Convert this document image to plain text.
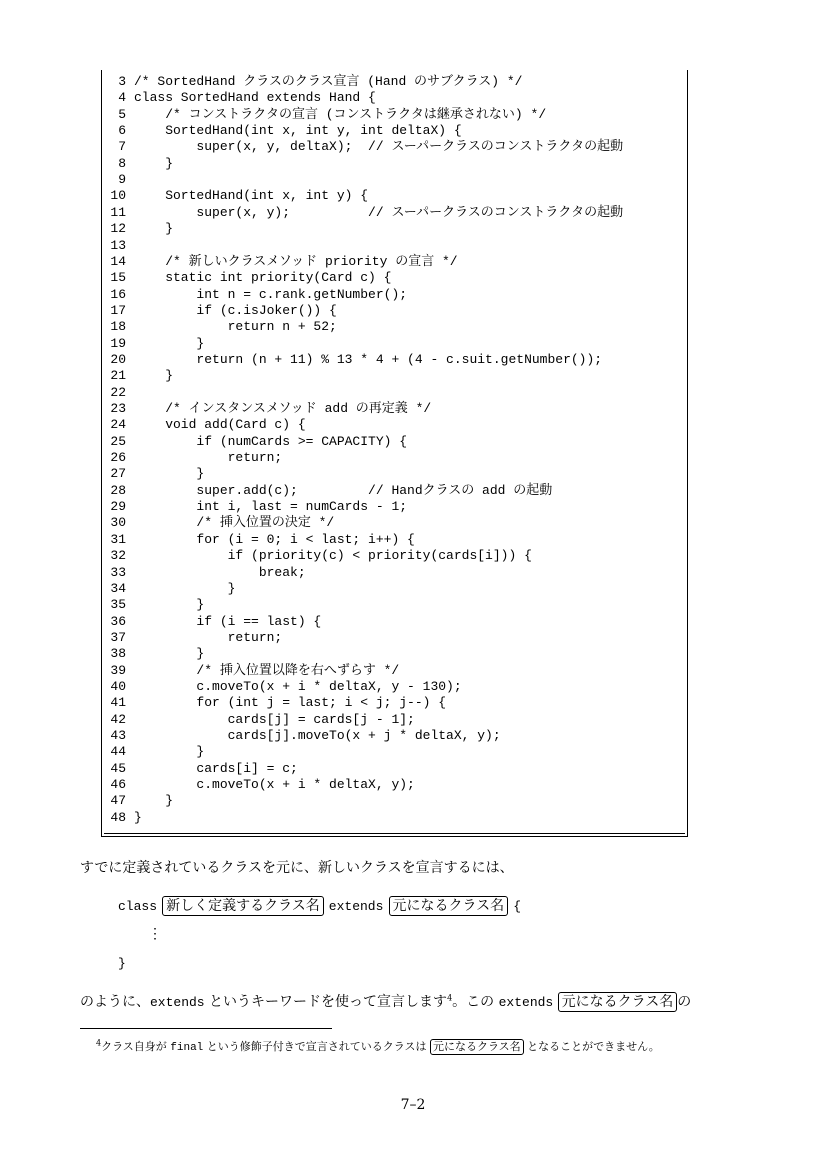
3 /* SortedHand クラスのクラス宣言 (Hand のサブクラス) */
4 class SortedHand extends Hand {
5    /* コンストラクタの宣言 (コンストラクタは継承されない) */
6    SortedHand(int x, int y, int deltaX) {
7        super(x, y, deltaX);  // スーパークラスのコンストラクタの起動
8    }
9
10    SortedHand(int x, int y) {
11        super(x, y);          // スーパークラスのコンストラクタの起動
12    }
13
14    /* 新しいクラスメソッド priority の宣言 */
15    static int priority(Card c) {
16        int n = c.rank.getNumber();
17        if (c.isJoker()) {
18            return n + 52;
19        }
20        return (n + 11) % 13 * 4 + (4 - c.suit.getNumber());
21    }
22
23    /* インスタンスメソッド add の再定義 */
24    void add(Card c) {
25        if (numCards >= CAPACITY) {
26            return;
27        }
28        super.add(c);         // Handクラスの add の起動
29        int i, last = numCards - 1;
30        /* 挿入位置の決定 */
31        for (i = 0; i < last; i++) {
32            if (priority(c) < priority(cards[i])) {
33                break;
34            }
35        }
36        if (i == last) {
37            return;
38        }
39        /* 挿入位置以降を右へずらす */
40        c.moveTo(x + i * deltaX, y - 130);
41        for (int j = last; i < j; j--) {
42            cards[j] = cards[j - 1];
43            cards[j].moveTo(x + j * deltaX, y);
44        }
45        cards[i] = c;
46        c.moveTo(x + i * deltaX, y);
47    }
48 }
すでに定義されているクラスを元に、新しいクラスを宣言するには、
class 新しく定義するクラス名 extends 元になるクラス名 {
⋮
}
のように、extends というキーワードを使って宣言します$^4$。この extends 元になるクラス名 の
$^4$クラス自身が final という修飾子付きで宣言されているクラスは 元になるクラス名 となることができません。
7–2
